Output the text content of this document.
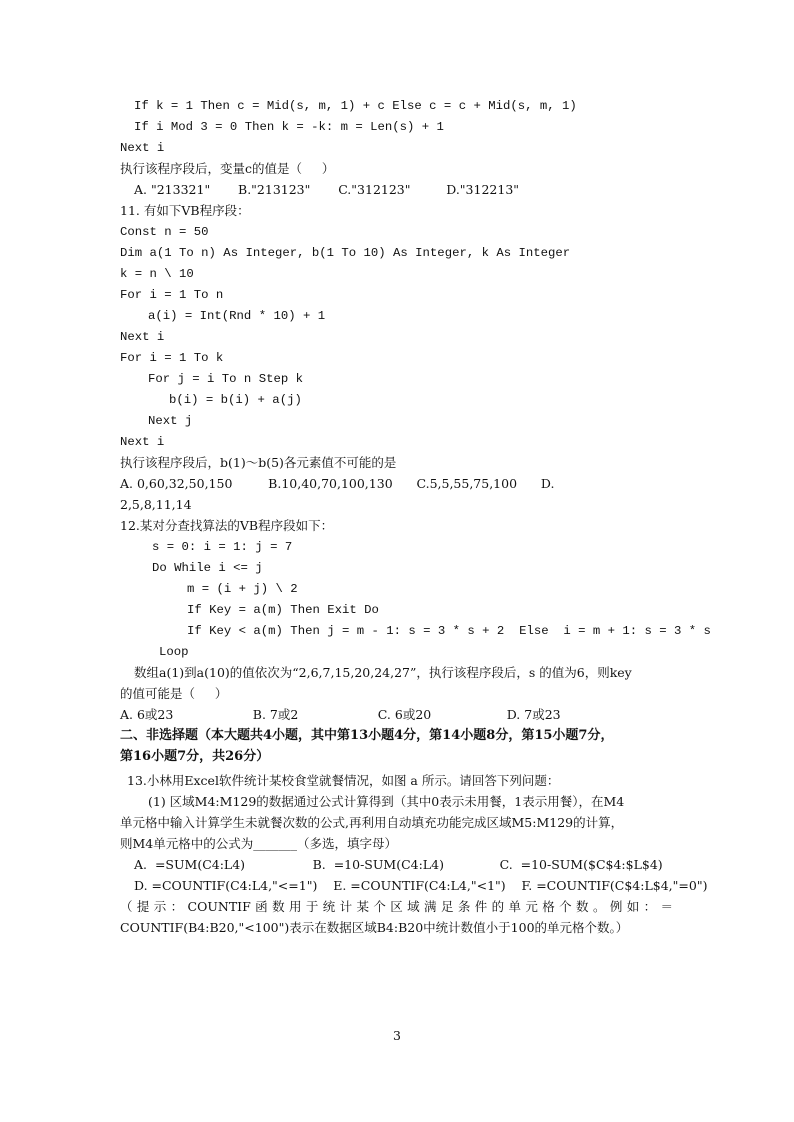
If k = 1 Then c = Mid(s, m, 1) + c Else c = c + Mid(s, m, 1)
If i Mod 3 = 0 Then k = -k: m = Len(s) + 1
Next i
执行该程序段后，变量c的值是（     ）
A. "213321"       B."213123"       C."312123"         D."312213"
11. 有如下VB程序段：
Const n = 50
Dim a(1 To n) As Integer, b(1 To 10) As Integer, k As Integer
k = n \ 10
For i = 1 To n
a(i) = Int(Rnd * 10) + 1
Next i
For i = 1 To k
For j = i To n Step k
b(i) = b(i) + a(j)
Next j
Next i
执行该程序段后，b(1)～b(5)各元素值不可能的是
A. 0,60,32,50,150         B.10,40,70,100,130      C.5,5,55,75,100      D.
2,5,8,11,14
12.某对分查找算法的VB程序段如下：
s = 0: i = 1: j = 7
Do While i <= j
m = (i + j) \ 2
If Key = a(m) Then Exit Do
If Key < a(m) Then j = m - 1: s = 3 * s + 2  Else  i = m + 1: s = 3 * s
Loop
数组a(1)到a(10)的值依次为“2,6,7,15,20,24,27”，执行该程序段后，s 的值为6，则key
的值可能是（     ）
A. 6或23                    B. 7或2                    C. 6或20                   D. 7或23
二、非选择题（本大题共4小题，其中第13小题4分，第14小题8分，第15小题7分，
第16小题7分，共26分）
13.小林用Excel软件统计某校食堂就餐情况，如图 a 所示。请回答下列问题：
(1) 区域M4:M129的数据通过公式计算得到（其中0表示未用餐，1表示用餐），在M4
单元格中输入计算学生未就餐次数的公式,再利用自动填充功能完成区域M5:M129的计算，
则M4单元格中的公式为_______（多选，填字母）
A.  =SUM(C4:L4)                 B.  =10-SUM(C4:L4)              C.  =10-SUM($C$4:$L$4)
D. =COUNTIF(C4:L4,"<=1")    E. =COUNTIF(C4:L4,"<1")    F. =COUNTIF(C$4:L$4,"=0")
（提示：COUNTIF函数用于统计某个区域满足条件的单元格个数。例如：＝
COUNTIF(B4:B20,"<100")表示在数据区域B4:B20中统计数值小于100的单元格个数。）
3
